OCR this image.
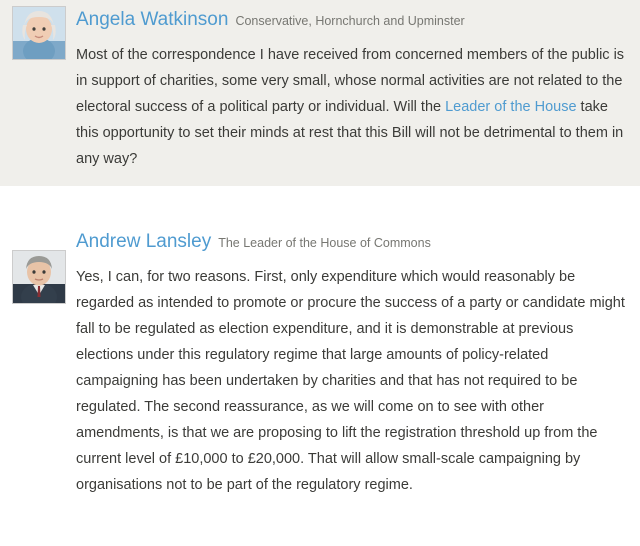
Angela Watkinson Conservative, Hornchurch and Upminster
Most of the correspondence I have received from concerned members of the public is in support of charities, some very small, whose normal activities are not related to the electoral success of a political party or individual. Will the Leader of the House take this opportunity to set their minds at rest that this Bill will not be detrimental to them in any way?
Andrew Lansley The Leader of the House of Commons
Yes, I can, for two reasons. First, only expenditure which would reasonably be regarded as intended to promote or procure the success of a party or candidate might fall to be regulated as election expenditure, and it is demonstrable at previous elections under this regulatory regime that large amounts of policy-related campaigning has been undertaken by charities and that has not required to be regulated. The second reassurance, as we will come on to see with other amendments, is that we are proposing to lift the registration threshold up from the current level of £10,000 to £20,000. That will allow small-scale campaigning by organisations not to be part of the regulatory regime.
